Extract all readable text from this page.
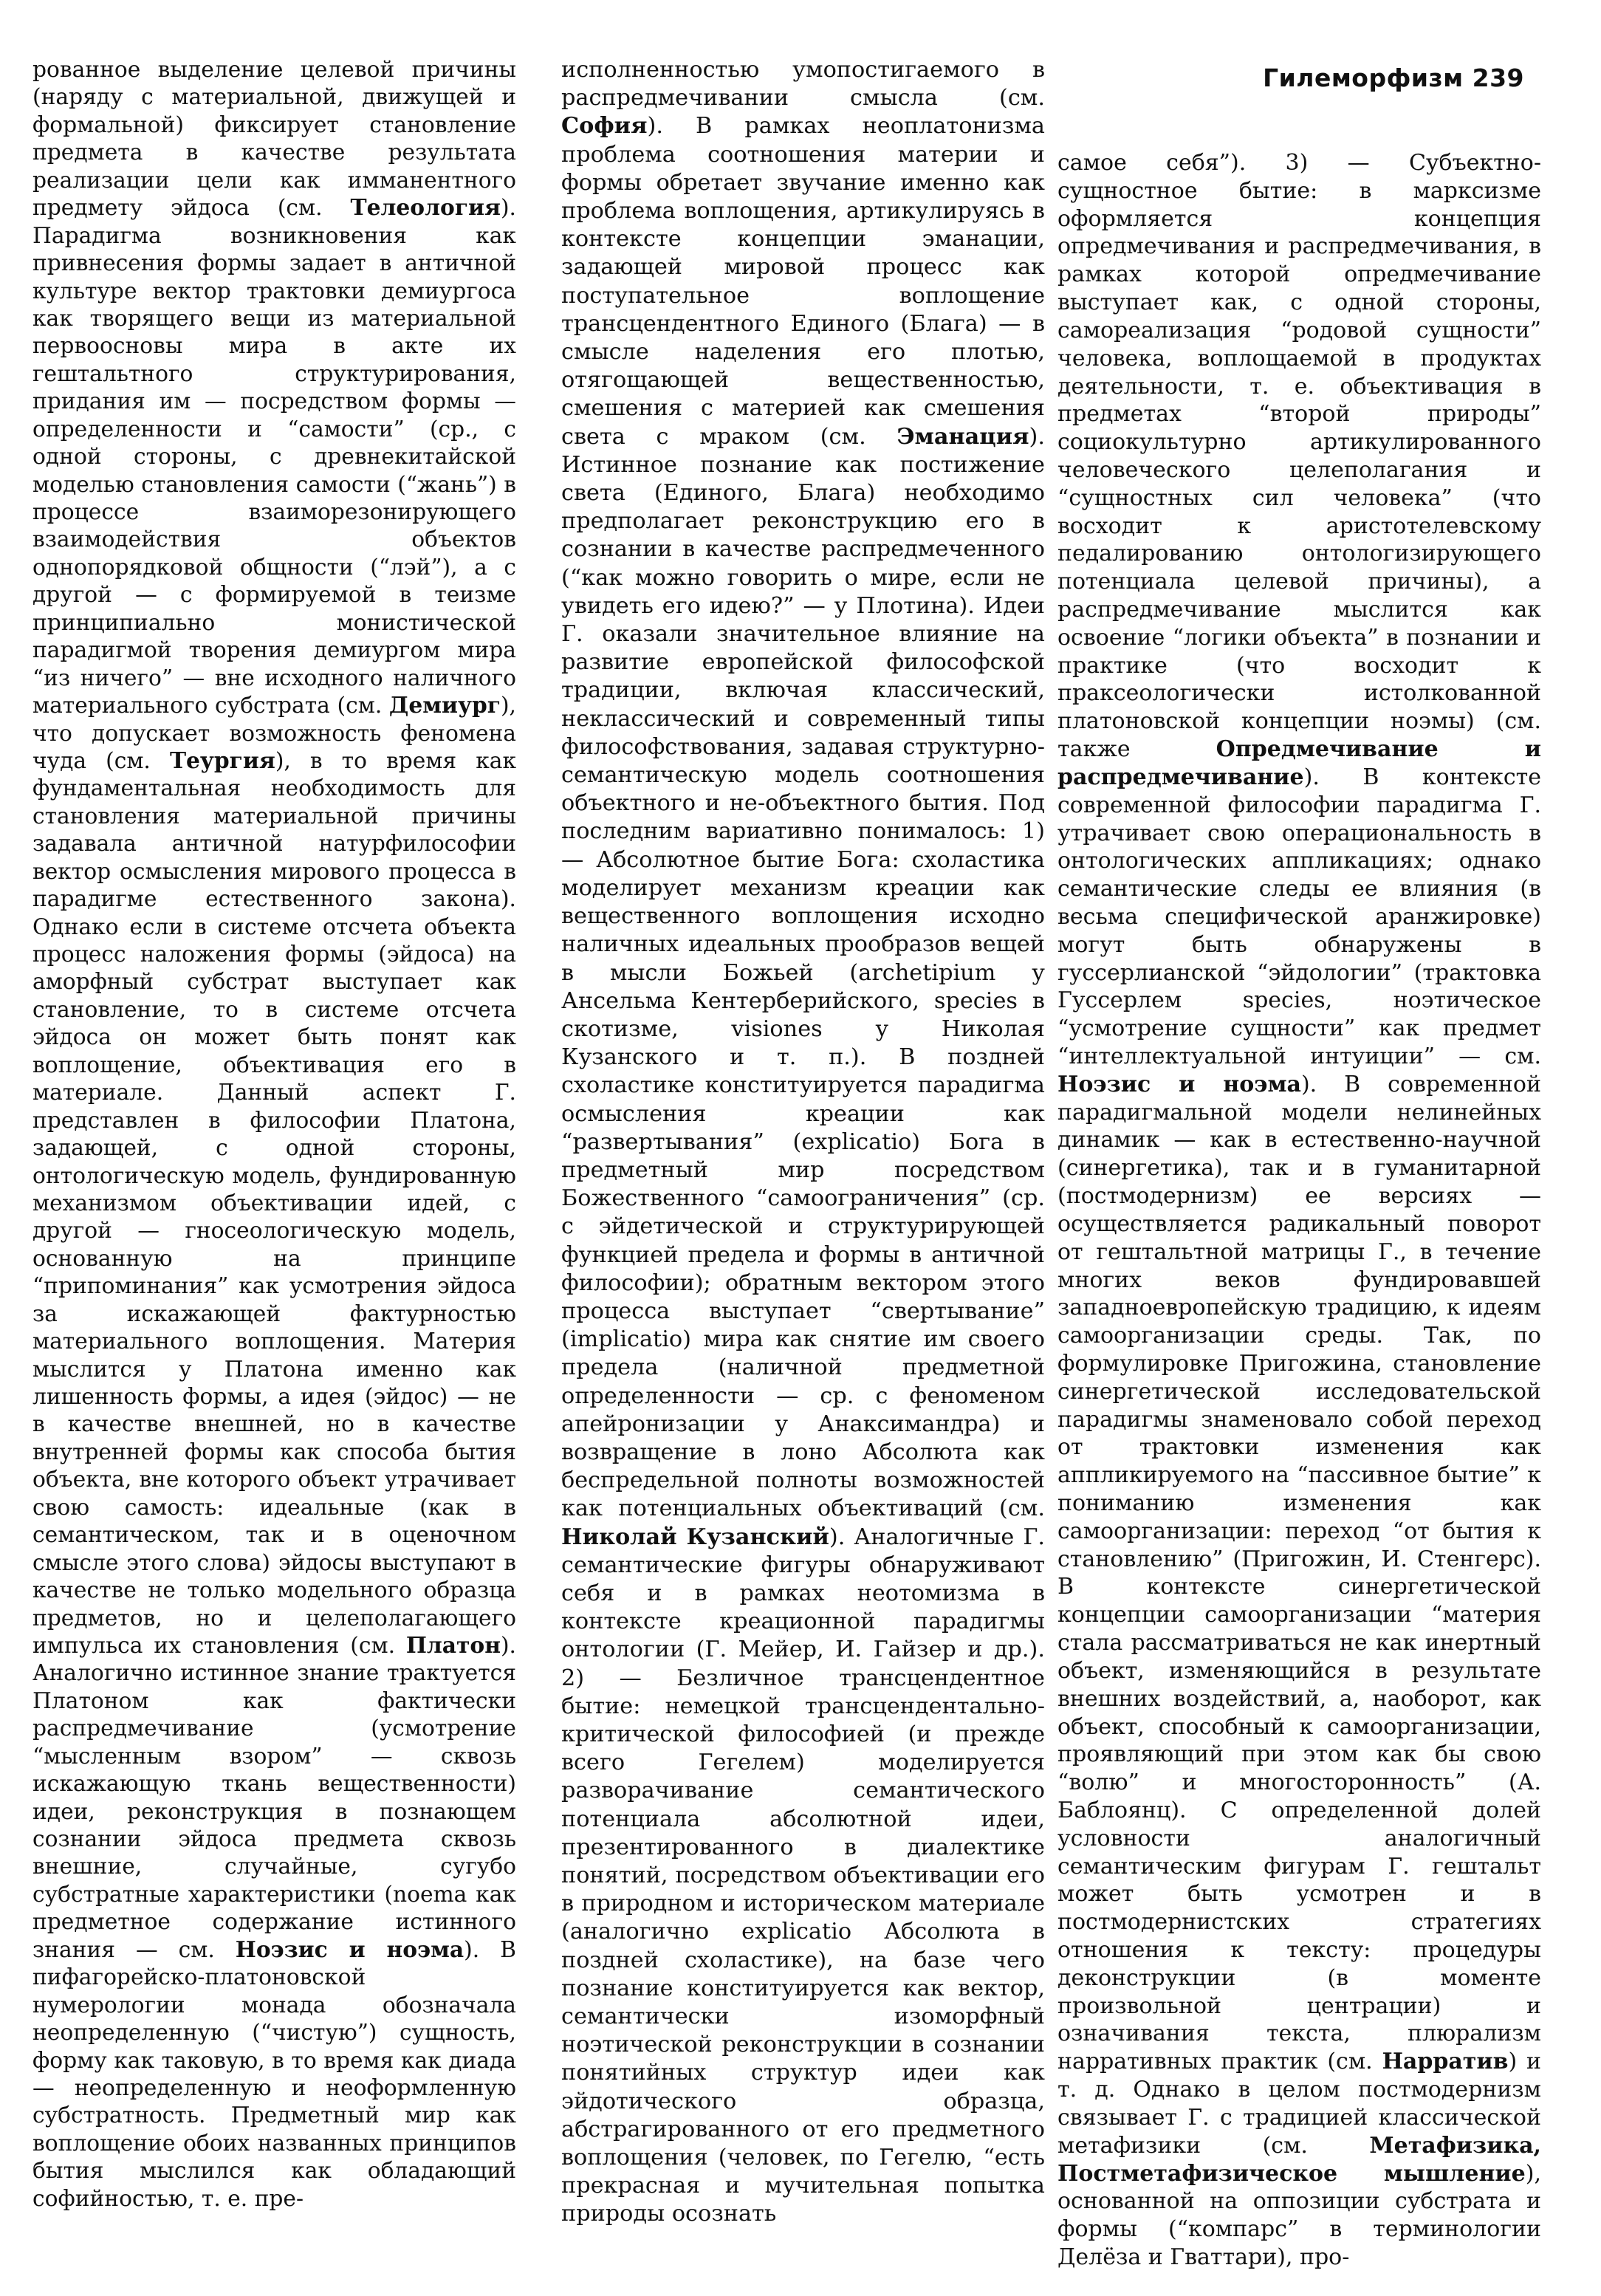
Гилеморфизм 239

рованное выделение целевой причины (наряду с материальной, движущей и формальной) фиксирует становление предмета в качестве результата реализации цели как имманентного предмету эйдоса (см. Телеология). Парадигма возникновения как привнесения формы задает в античной культуре вектор трактовки демиургоса как творящего вещи из материальной первоосновы мира в акте их гештальтного структурирования, придания им — посредством формы — определенности и “самости” (ср., с одной стороны, с древнекитайской моделью становления самости (“жань”) в процессе взаиморезонирующего взаимодействия объектов однопорядковой общности (“лэй”), а с другой — с формируемой в теизме принципиально монистической парадигмой творения демиургом мира “из ничего” — вне исходного наличного материального субстрата (см. Демиург), что допускает возможность феномена чуда (см. Теургия), в то время как фундаментальная необходимость для становления материальной причины задавала античной натурфилософии вектор осмысления мирового процесса в парадигме естественного закона). Однако если в системе отсчета объекта процесс наложения формы (эйдоса) на аморфный субстрат выступает как становление, то в системе отсчета эйдоса он может быть понят как воплощение, объективация его в материале. Данный аспект Г. представлен в философии Платона, задающей, с одной стороны, онтологическую модель, фундированную механизмом объективации идей, с другой — гносеологическую модель, основанную на принципе “припоминания” как усмотрения эйдоса за искажающей фактурностью материального воплощения. Материя мыслится у Платона именно как лишенность формы, а идея (эйдос) — не в качестве внешней, но в качестве внутренней формы как способа бытия объекта, вне которого объект утрачивает свою самость: идеальные (как в семантическом, так и в оценочном смысле этого слова) эйдосы выступают в качестве не только модельного образца предметов, но и целеполагающего импульса их становления (см. Платон). Аналогично истинное знание трактуется Платоном как фактически распредмечивание (усмотрение “мысленным взором” — сквозь искажающую ткань вещественности) идеи, реконструкция в познающем сознании эйдоса предмета сквозь внешние, случайные, сугубо субстратные характеристики (noema как предметное содержание истинного знания — см. Ноэзис и ноэма). В пифагорейско-платоновской нумерологии монада обозначала неопределенную (“чистую”) сущность, форму как таковую, в то время как диада — неопределенную и неоформленную субстратность. Предметный мир как воплощение обоих названных принципов бытия мыслился как обладающий софийностью, т. е. пре-

исполненностью умопостигаемого в распредмечивании смысла (см. София). В рамках неоплатонизма проблема соотношения материи и формы обретает звучание именно как проблема воплощения, артикулируясь в контексте концепции эманации, задающей мировой процесс как поступательное воплощение трансцендентного Единого (Блага) — в смысле наделения его плотью, отягощающей вещественностью, смешения с материей как смешения света с мраком (см. Эманация). Истинное познание как постижение света (Единого, Блага) необходимо предполагает реконструкцию его в сознании в качестве распредмеченного (“как можно говорить о мире, если не увидеть его идею?” — у Плотина). Идеи Г. оказали значительное влияние на развитие европейской философской традиции, включая классический, неклассический и современный типы философствования, задавая структурно-семантическую модель соотношения объектного и не-объектного бытия. Под последним вариативно понималось: 1) — Абсолютное бытие Бога: схоластика моделирует механизм креации как вещественного воплощения исходно наличных идеальных прообразов вещей в мысли Божьей (archetipium у Ансельма Кентерберийского, species в скотизме, visiones у Николая Кузанского и т. п.). В поздней схоластике конституируется парадигма осмысления креации как “развертывания” (explicatio) Бога в предметный мир посредством Божественного “самоограничения” (ср. с эйдетической и структурирующей функцией предела и формы в античной философии); обратным вектором этого процесса выступает “свертывание” (implicatio) мира как снятие им своего предела (наличной предметной определенности — ср. с феноменом апейронизации у Анаксимандра) и возвращение в лоно Абсолюта как беспредельной полноты возможностей как потенциальных объективаций (см. Николай Кузанский). Аналогичные Г. семантические фигуры обнаруживают себя и в рамках неотомизма в контексте креационной парадигмы онтологии (Г. Мейер, И. Гайзер и др.). 2) — Безличное трансцендентное бытие: немецкой трансцендентально-критической философией (и прежде всего Гегелем) моделируется разворачивание семантического потенциала абсолютной идеи, презентированного в диалектике понятий, посредством объективации его в природном и историческом материале (аналогично explicatio Абсолюта в поздней схоластике), на базе чего познание конституируется как вектор, семантически изоморфный ноэтической реконструкции в сознании понятийных структур идеи как эйдотического образца, абстрагированного от его предметного воплощения (человек, по Гегелю, “есть прекрасная и мучительная попытка природы осознать

самое себя”). 3) — Субъектно-сущностное бытие: в марксизме оформляется концепция опредмечивания и распредмечивания, в рамках которой опредмечивание выступает как, с одной стороны, самореализация “родовой сущности” человека, воплощаемой в продуктах деятельности, т. е. объективация в предметах “второй природы” социокультурно артикулированного человеческого целеполагания и “сущностных сил человека” (что восходит к аристотелевскому педалированию онтологизирующего потенциала целевой причины), а распредмечивание мыслится как освоение “логики объекта” в познании и практике (что восходит к праксеологически истолкованной платоновской концепции ноэмы) (см. также Опредмечивание и распредмечивание). В контексте современной философии парадигма Г. утрачивает свою операциональность в онтологических аппликациях; однако семантические следы ее влияния (в весьма специфической аранжировке) могут быть обнаружены в гуссерлианской “эйдологии” (трактовка Гуссерлем species, ноэтическое “усмотрение сущности” как предмет “интеллектуальной интуиции” — см. Ноэзис и ноэма). В современной парадигмальной модели нелинейных динамик — как в естественно-научной (синергетика), так и в гуманитарной (постмодернизм) ее версиях — осуществляется радикальный поворот от гештальтной матрицы Г., в течение многих веков фундировавшей западноевропейскую традицию, к идеям самоорганизации среды. Так, по формулировке Пригожина, становление синергетической исследовательской парадигмы знаменовало собой переход от трактовки изменения как аппликируемого на “пассивное бытие” к пониманию изменения как самоорганизации: переход “от бытия к становлению” (Пригожин, И. Стенгерс). В контексте синергетической концепции самоорганизации “материя стала рассматриваться не как инертный объект, изменяющийся в результате внешних воздействий, а, наоборот, как объект, способный к самоорганизации, проявляющий при этом как бы свою “волю” и многосторонность” (А. Баблоянц). С определенной долей условности аналогичный семантическим фигурам Г. гештальт может быть усмотрен и в постмодернистских стратегиях отношения к тексту: процедуры деконструкции (в моменте произвольной центрации) и означивания текста, плюрализм нарративных практик (см. Нарратив) и т. д. Однако в целом постмодернизм связывает Г. с традицией классической метафизики (см. Метафизика, Постметафизическое мышление), основанной на оппозиции субстрата и формы (“компарс” в терминологии Делёза и Гваттари), про-
